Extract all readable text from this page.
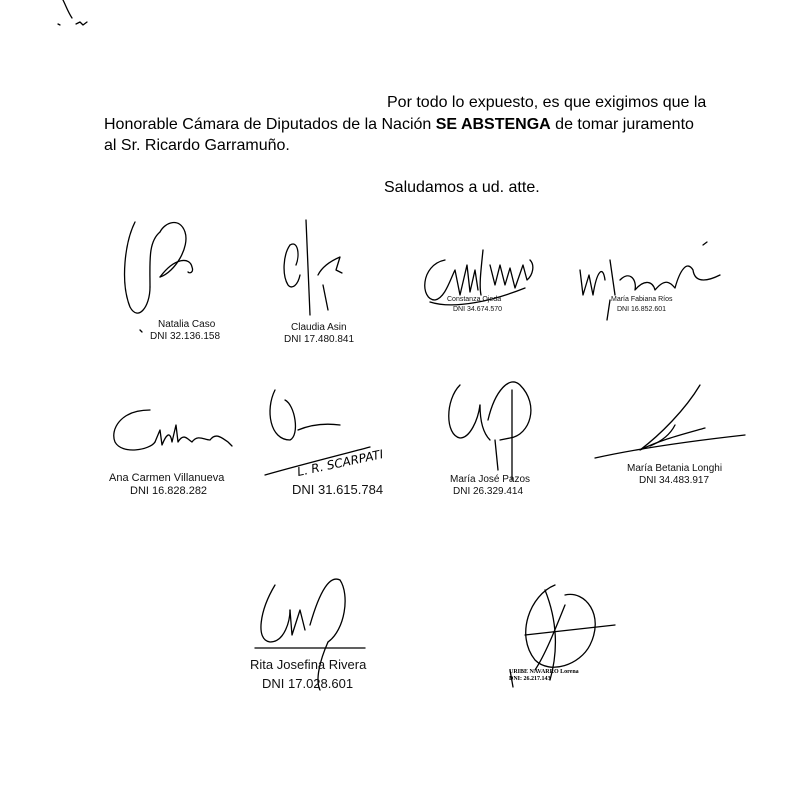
Por todo lo expuesto, es que exigimos que la
Honorable Cámara de Diputados de la Nación SE ABSTENGA de tomar juramento
al Sr. Ricardo Garramuño.
Saludamos a ud. atte.
Natalia Caso
DNI 32.136.158
Claudia Asin
DNI 17.480.841
Constanza Ojeda
DNI 34.674.570
María Fabiana Ríos
DNI 16.852.601
Ana Carmen Villanueva
DNI 16.828.282
L. R. SCARPATI
DNI 31.615.784
María José Pazos
DNI 26.329.414
María Betania Longhi
DNI 34.483.917
Rita Josefina Rivera
DNI 17.028.601
URIBE NAVARRO Lorena
DNI: 26.217.143
